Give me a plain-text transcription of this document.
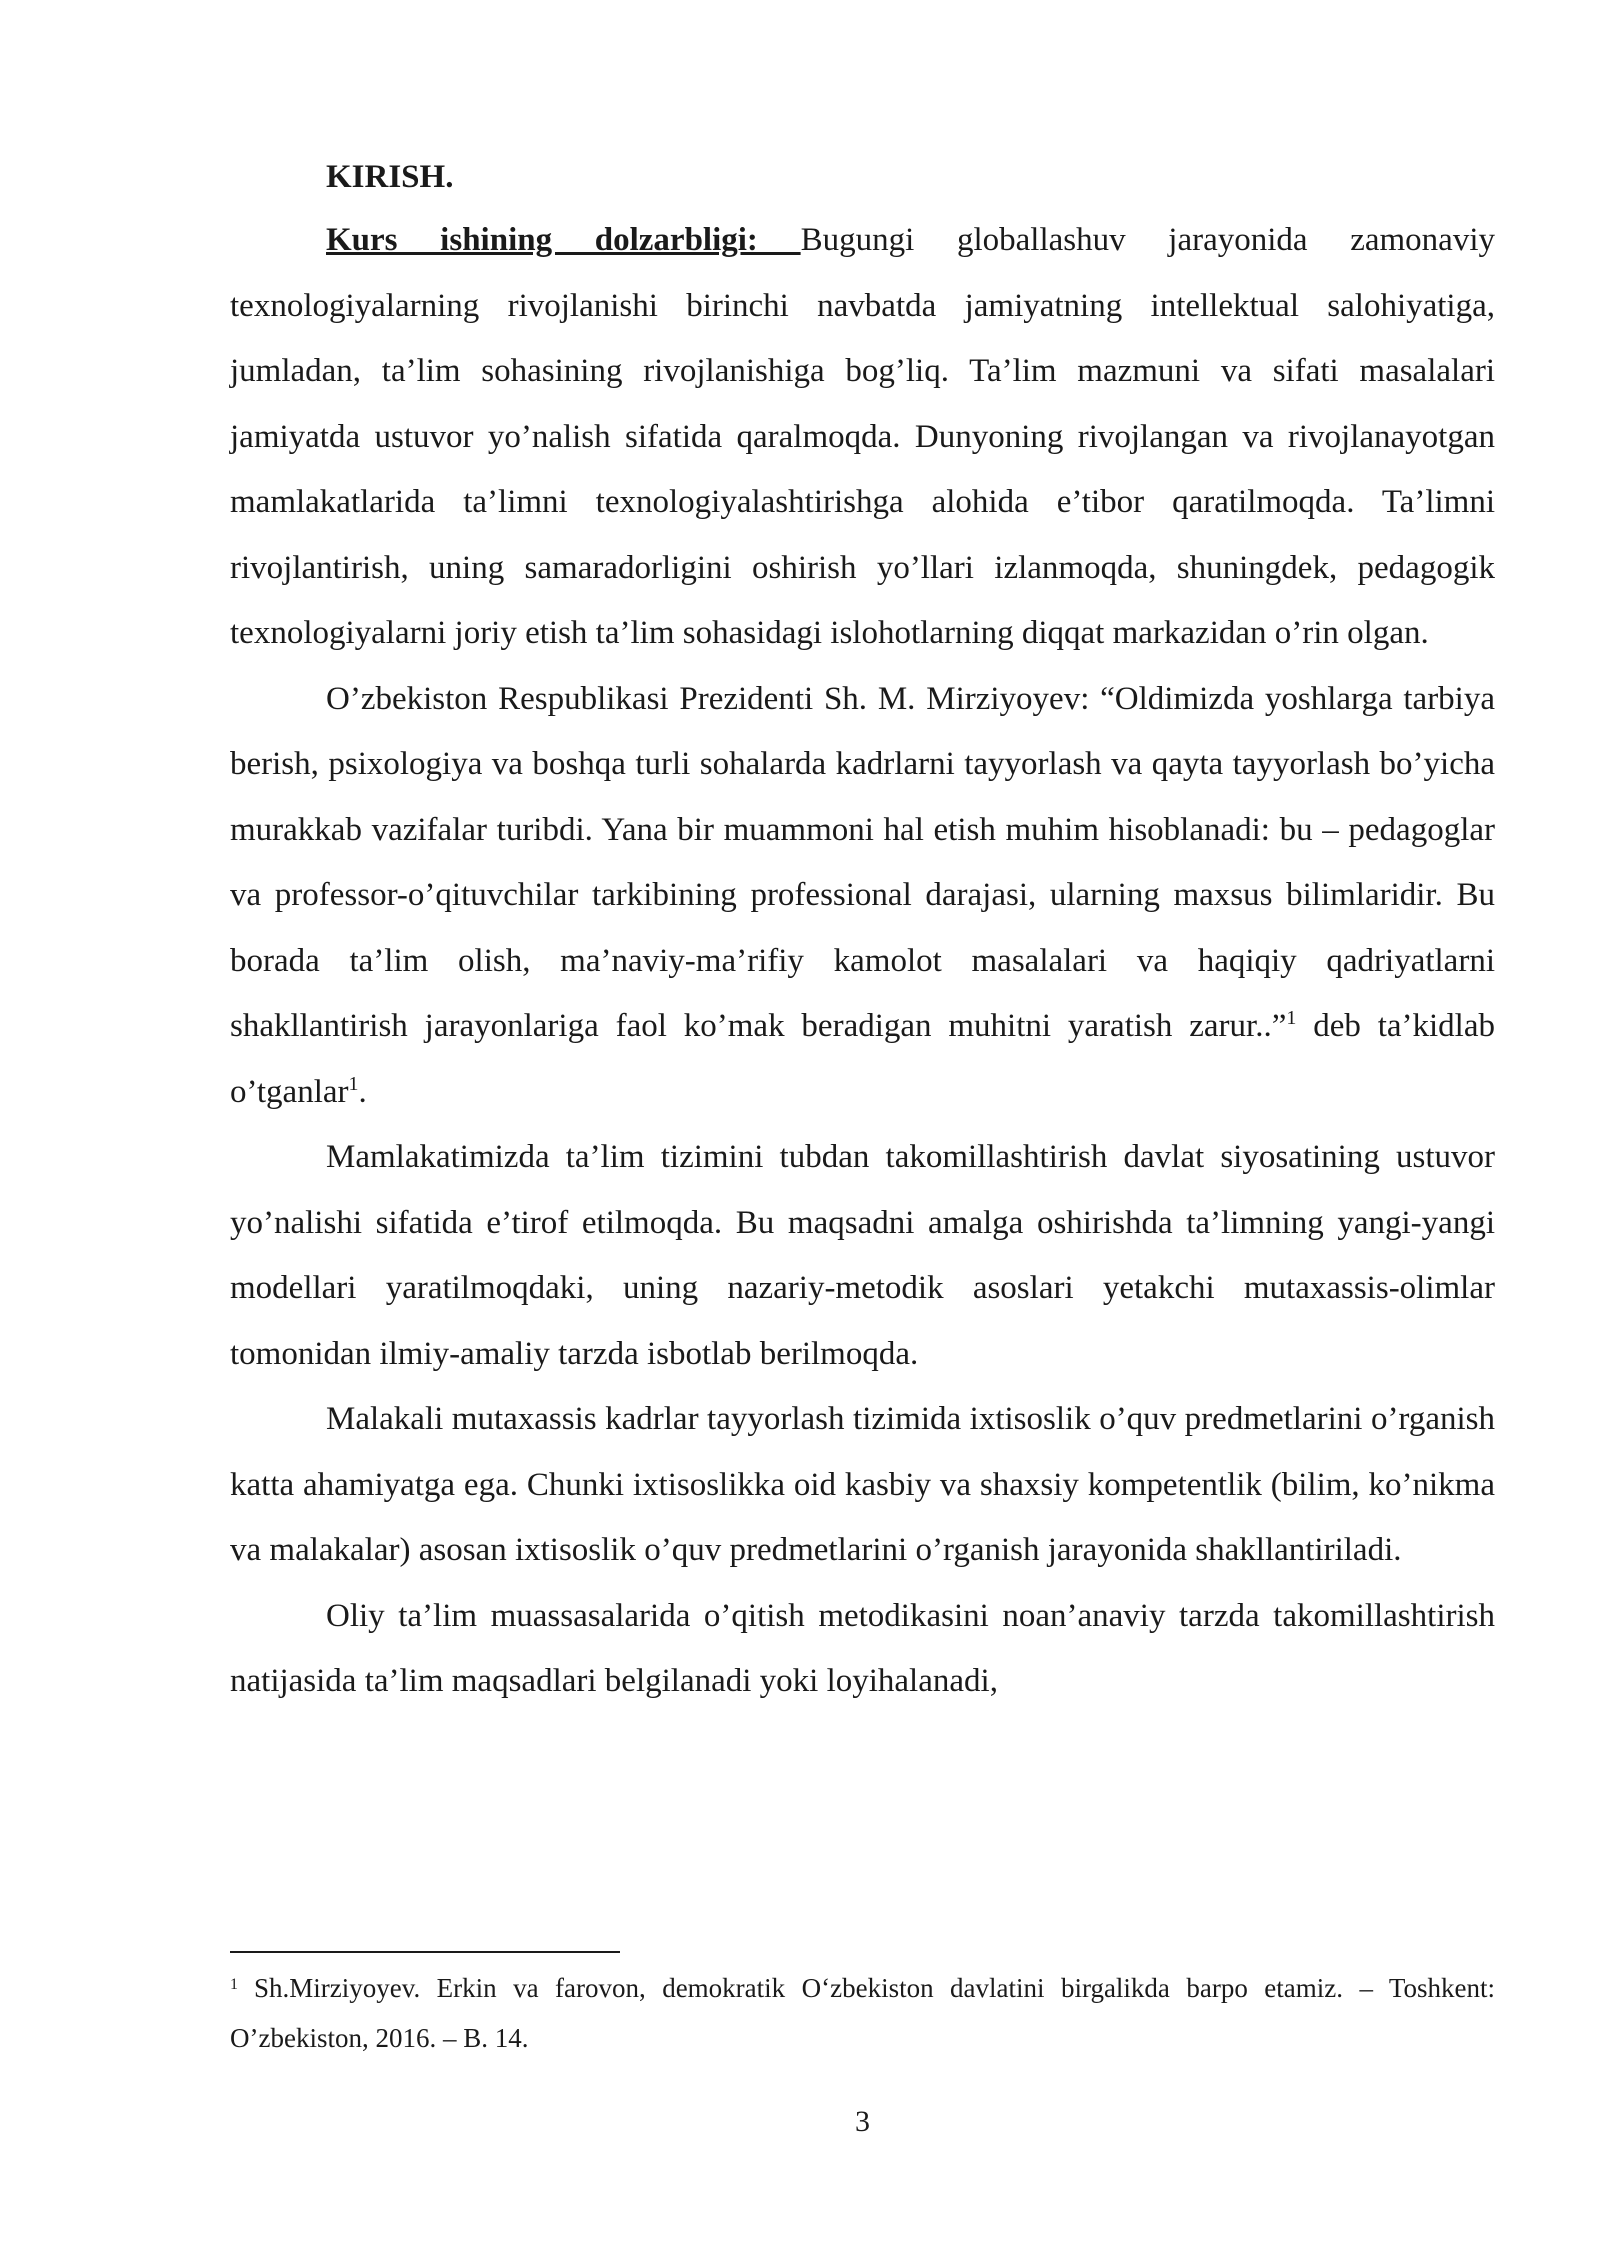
KIRISH.

Kurs ishining dolzarbligi: Bugungi globallashuv jarayonida zamonaviy texnologiyalarning rivojlanishi birinchi navbatda jamiyatning intellektual salohiyatiga, jumladan, ta’lim sohasining rivojlanishiga bog’liq. Ta’lim mazmuni va sifati masalalari jamiyatda ustuvor yo’nalish sifatida qaralmoqda. Dunyoning rivojlangan va rivojlanayotgan mamlakatlarida ta’limni texnologiyalashtirishga alohida e’tibor qaratilmoqda. Ta’limni rivojlantirish, uning samaradorligini oshirish yo’llari izlanmoqda, shuningdek, pedagogik texnologiyalarni joriy etish ta’lim sohasidagi islohotlarning diqqat markazidan o’rin olgan.

O’zbekiston Respublikasi Prezidenti Sh. M. Mirziyoyev: “Oldimizda yoshlarga tarbiya berish, psixologiya va boshqa turli sohalarda kadrlarni tayyorlash va qayta tayyorlash bo’yicha murakkab vazifalar turibdi. Yana bir muammoni hal etish muhim hisoblanadi: bu – pedagoglar va professor-o’qituvchilar tarkibining professional darajasi, ularning maxsus bilimlaridir. Bu borada ta’lim olish, ma’naviy-ma’rifiy kamolot masalalari va haqiqiy qadriyatlarni shakllantirish jarayonlariga faol ko’mak beradigan muhitni yaratish zarur..”$^1$ deb ta’kidlab o’tganlar$^1$.

Mamlakatimizda ta’lim tizimini tubdan takomillashtirish davlat siyosatining ustuvor yo’nalishi sifatida e’tirof etilmoqda. Bu maqsadni amalga oshirishda ta’limning yangi-yangi modellari yaratilmoqdaki, uning nazariy-metodik asoslari yetakchi mutaxassis-olimlar tomonidan ilmiy-amaliy tarzda isbotlab berilmoqda.

Malakali mutaxassis kadrlar tayyorlash tizimida ixtisoslik o’quv predmetlarini o’rganish katta ahamiyatga ega. Chunki ixtisoslikka oid kasbiy va shaxsiy kompetentlik (bilim, ko’nikma va malakalar) asosan ixtisoslik o’quv predmetlarini o’rganish jarayonida shakllantiriladi.

Oliy ta’lim muassasalarida o’qitish metodikasini noan’anaviy tarzda takomillashtirish natijasida ta’lim maqsadlari belgilanadi yoki loyihalanadi,

$^1$ Sh.Mirziyoyev. Erkin va farovon, demokratik O‘zbekiston davlatini birgalikda barpo etamiz. – Toshkent: O’zbekiston, 2016. – B. 14.

3
